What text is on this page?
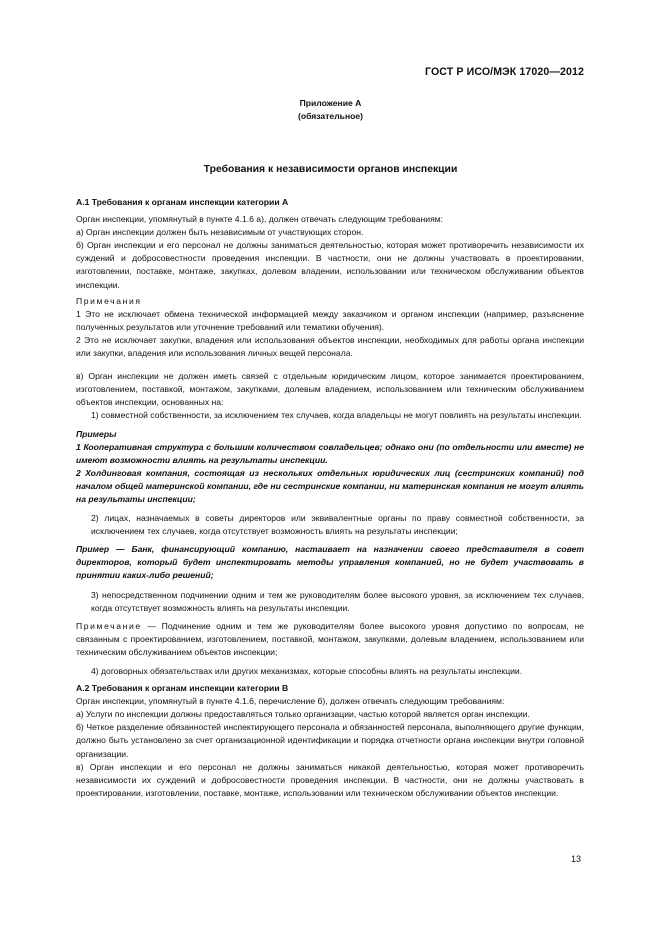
ГОСТ Р ИСО/МЭК 17020—2012
Приложение А
(обязательное)
Требования к независимости органов инспекции

А.1 Требования к органам инспекции категории А

Орган инспекции, упомянутый в пункте 4.1.6 а), должен отвечать следующим требованиям:

а) Орган инспекции должен быть независимым от участвующих сторон.

б) Орган инспекции и его персонал не должны заниматься деятельностью, которая может противоречить независимости их суждений и добросовестности проведения инспекции. В частности, они не должны участвовать в проектировании, изготовлении, поставке, монтаже, закупках, долевом владении, использовании или техническом обслуживании объектов инспекции.

Примечания

1 Это не исключает обмена технической информацией между заказчиком и органом инспекции (например, разъяснение полученных результатов или уточнение требований или тематики обучения).

2 Это не исключает закупки, владения или использования объектов инспекции, необходимых для работы органа инспекции или закупки, владения или использования личных вещей персонала.

в) Орган инспекции не должен иметь связей с отдельным юридическим лицом, которое занимается проектированием, изготовлением, поставкой, монтажом, закупками, долевым владением, использованием или техническим обслуживанием объектов инспекции, основанных на:

1) совместной собственности, за исключением тех случаев, когда владельцы не могут повлиять на результаты инспекции.

Примеры

1 Кооперативная структура с большим количеством совладельцев; однако они (по отдельности или вместе) не имеют возможности влиять на результаты инспекции.

2 Холдинговая компания, состоящая из нескольких отдельных юридических лиц (сестринских компаний) под началом общей материнской компании, где ни сестринские компании, ни материнская компания не могут влиять на результаты инспекции;

2) лицах, назначаемых в советы директоров или эквивалентные органы по праву совместной собственности, за исключением тех случаев, когда отсутствует возможность влиять на результаты инспекции;

Пример — Банк, финансирующий компанию, настаивает на назначении своего представителя в совет директоров, который будет инспектировать методы управления компанией, но не будет участвовать в принятии каких-либо решений;

3) непосредственном подчинении одним и тем же руководителям более высокого уровня, за исключением тех случаев, когда отсутствует возможность влиять на результаты инспекции.

Примечание — Подчинение одним и тем же руководителям более высокого уровня допустимо по вопросам, не связанным с проектированием, изготовлением, поставкой, монтажом, закупками, долевым владением, использованием или техническим обслуживанием объектов инспекции;

4) договорных обязательствах или других механизмах, которые способны влиять на результаты инспекции.

А.2 Требования к органам инспекции категории В

Орган инспекции, упомянутый в пункте 4.1.6, перечисление б), должен отвечать следующим требованиям:

а) Услуги по инспекции должны предоставляться только организации, частью которой является орган инспекции.

б) Четкое разделение обязанностей инспектирующего персонала и обязанностей персонала, выполняющего другие функции, должно быть установлено за счет организационной идентификации и порядка отчетности органа инспекции внутри головной организации.

в) Орган инспекции и его персонал не должны заниматься никакой деятельностью, которая может противоречить независимости их суждений и добросовестности проведения инспекции. В частности, они не должны участвовать в проектировании, изготовлении, поставке, монтаже, использовании или техническом обслуживании объектов инспекции.

13
